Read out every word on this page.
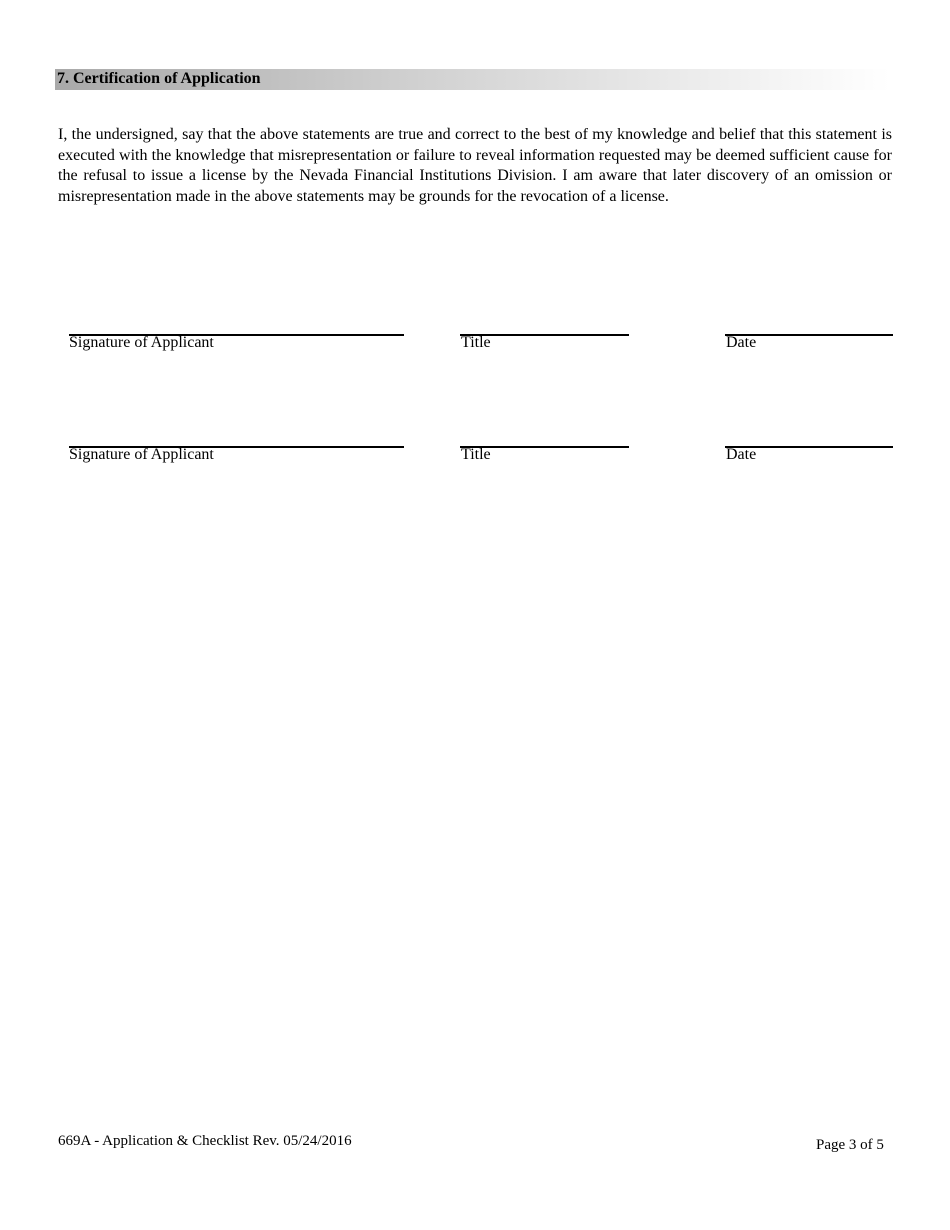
7. Certification of Application

I, the undersigned, say that the above statements are true and correct to the best of my knowledge and belief that this statement is executed with the knowledge that misrepresentation or failure to reveal information requested may be deemed sufficient cause for the refusal to issue a license by the Nevada Financial Institutions Division. I am aware that later discovery of an omission or misrepresentation made in the above statements may be grounds for the revocation of a license.

Signature of Applicant	Title	Date
Signature of Applicant	Title	Date
669A - Application & Checklist Rev. 05/24/2016	Page 3 of 5
